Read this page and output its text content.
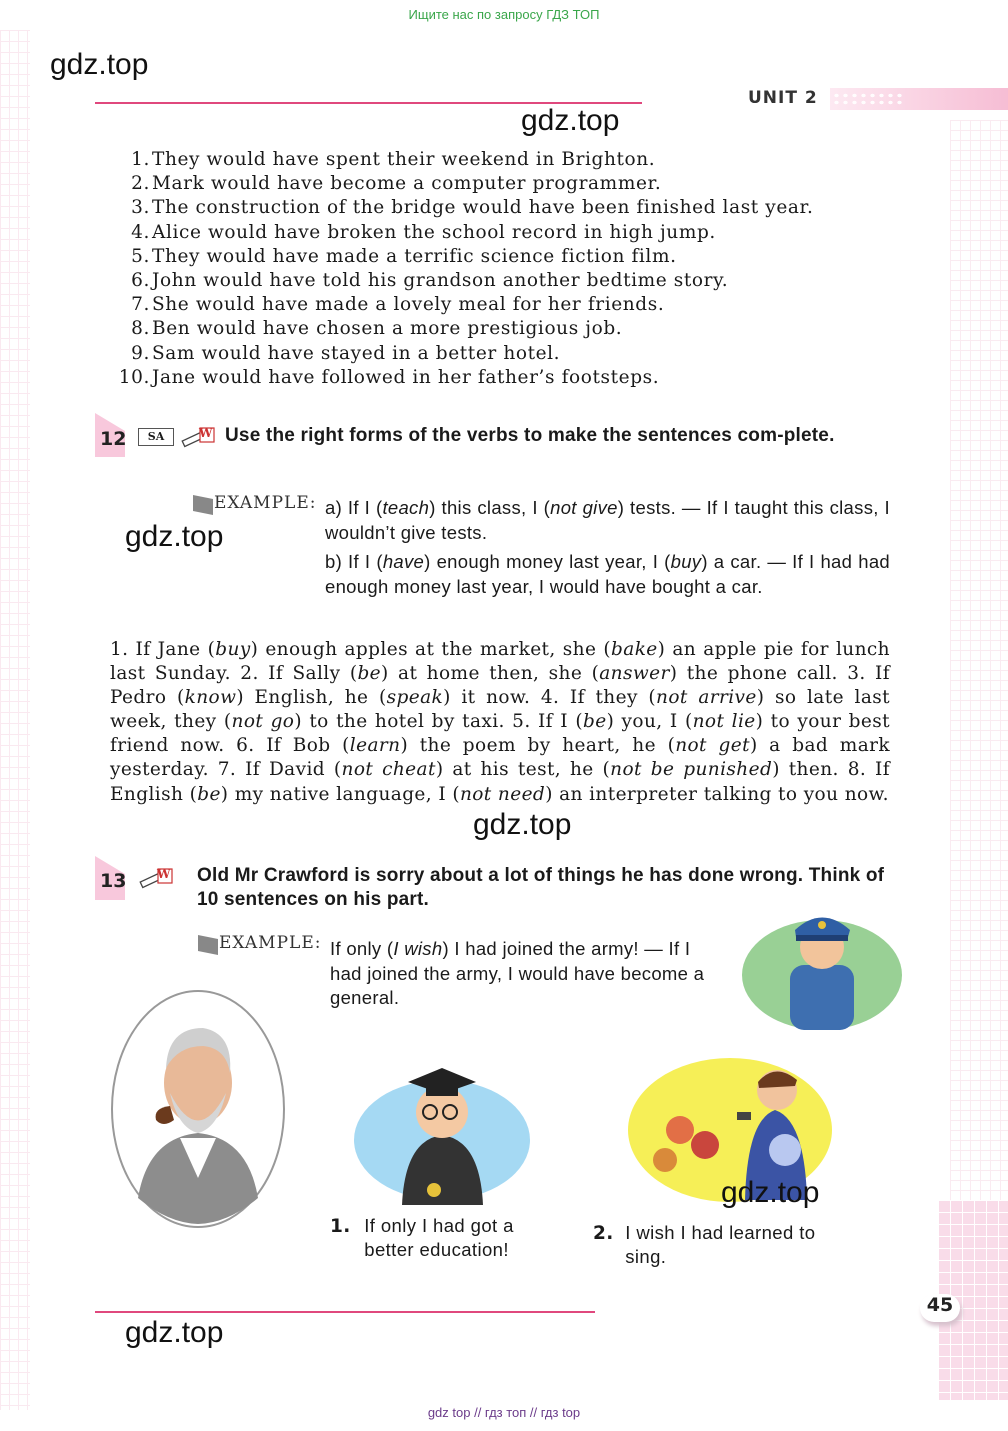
Ищите нас по запросу ГДЗ ТОП
gdz.top
UNIT 2
gdz.top
1. They would have spent their weekend in Brighton.
2. Mark would have become a computer programmer.
3. The construction of the bridge would have been finished last year.
4. Alice would have broken the school record in high jump.
5. They would have made a terrific science fiction film.
6. John would have told his grandson another bedtime story.
7. She would have made a lovely meal for her friends.
8. Ben would have chosen a more prestigious job.
9. Sam would have stayed in a better hotel.
10. Jane would have followed in her father’s footsteps.
12	SA	W Use the right forms of the verbs to make the sentences com-plete.
EXAMPLE: a) If I (teach) this class, I (not give) tests. — If I taught this class, I wouldn’t give tests.
b) If I (have) enough money last year, I (buy) a car. — If I had had enough money last year, I would have bought a car.
gdz.top
1. If Jane (buy) enough apples at the market, she (bake) an apple pie for lunch last Sunday. 2. If Sally (be) at home then, she (answer) the phone call. 3. If Pedro (know) English, he (speak) it now. 4. If they (not arrive) so late last week, they (not go) to the hotel by taxi. 5. If I (be) you, I (not lie) to your best friend now. 6. If Bob (learn) the poem by heart, he (not get) a bad mark yesterday. 7. If David (not cheat) at his test, he (not be punished) then. 8. If English (be) my native language, I (not need) an interpreter talking to you now.
gdz.top
13	W Old Mr Crawford is sorry about a lot of things he has done wrong. Think of 10 sentences on his part.
EXAMPLE: If only (I wish) I had joined the army! — If I had joined the army, I would have become a general.
gdz.top
1. If only I had got a better education!
2. I wish I had learned to sing.
gdz.top
45
gdz top // гдз топ // гдз top
